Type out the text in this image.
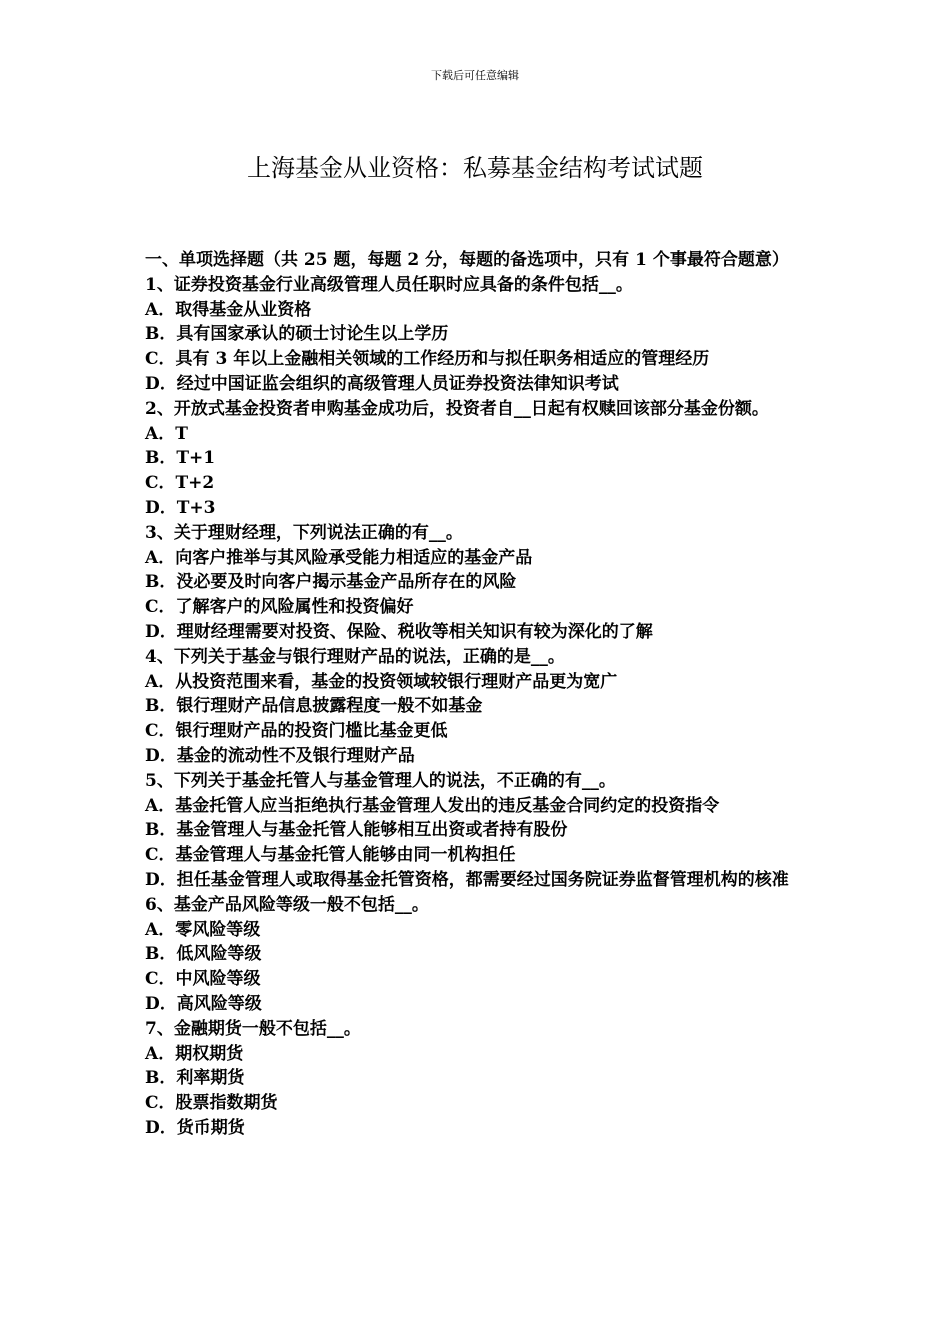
下载后可任意编辑
上海基金从业资格：私募基金结构考试试题

一、单项选择题（共 25 题，每题 2 分，每题的备选项中，只有 1 个事最符合题意）

1、证券投资基金行业高级管理人员任职时应具备的条件包括__。

A．取得基金从业资格

B．具有国家承认的硕士讨论生以上学历

C．具有 3 年以上金融相关领域的工作经历和与拟任职务相适应的管理经历

D．经过中国证监会组织的高级管理人员证券投资法律知识考试

2、开放式基金投资者申购基金成功后，投资者自__日起有权赎回该部分基金份额。

A．T

B．T+1

C．T+2

D．T+3

3、关于理财经理，下列说法正确的有__。

A．向客户推举与其风险承受能力相适应的基金产品

B．没必要及时向客户揭示基金产品所存在的风险

C．了解客户的风险属性和投资偏好

D．理财经理需要对投资、保险、税收等相关知识有较为深化的了解

4、下列关于基金与银行理财产品的说法，正确的是__。

A．从投资范围来看，基金的投资领域较银行理财产品更为宽广

B．银行理财产品信息披露程度一般不如基金

C．银行理财产品的投资门槛比基金更低

D．基金的流动性不及银行理财产品

5、下列关于基金托管人与基金管理人的说法，不正确的有__。

A．基金托管人应当拒绝执行基金管理人发出的违反基金合同约定的投资指令

B．基金管理人与基金托管人能够相互出资或者持有股份

C．基金管理人与基金托管人能够由同一机构担任

D．担任基金管理人或取得基金托管资格，都需要经过国务院证券监督管理机构的核准

6、基金产品风险等级一般不包括__。

A．零风险等级

B．低风险等级

C．中风险等级

D．高风险等级

7、金融期货一般不包括__。

A．期权期货

B．利率期货

C．股票指数期货

D．货币期货
